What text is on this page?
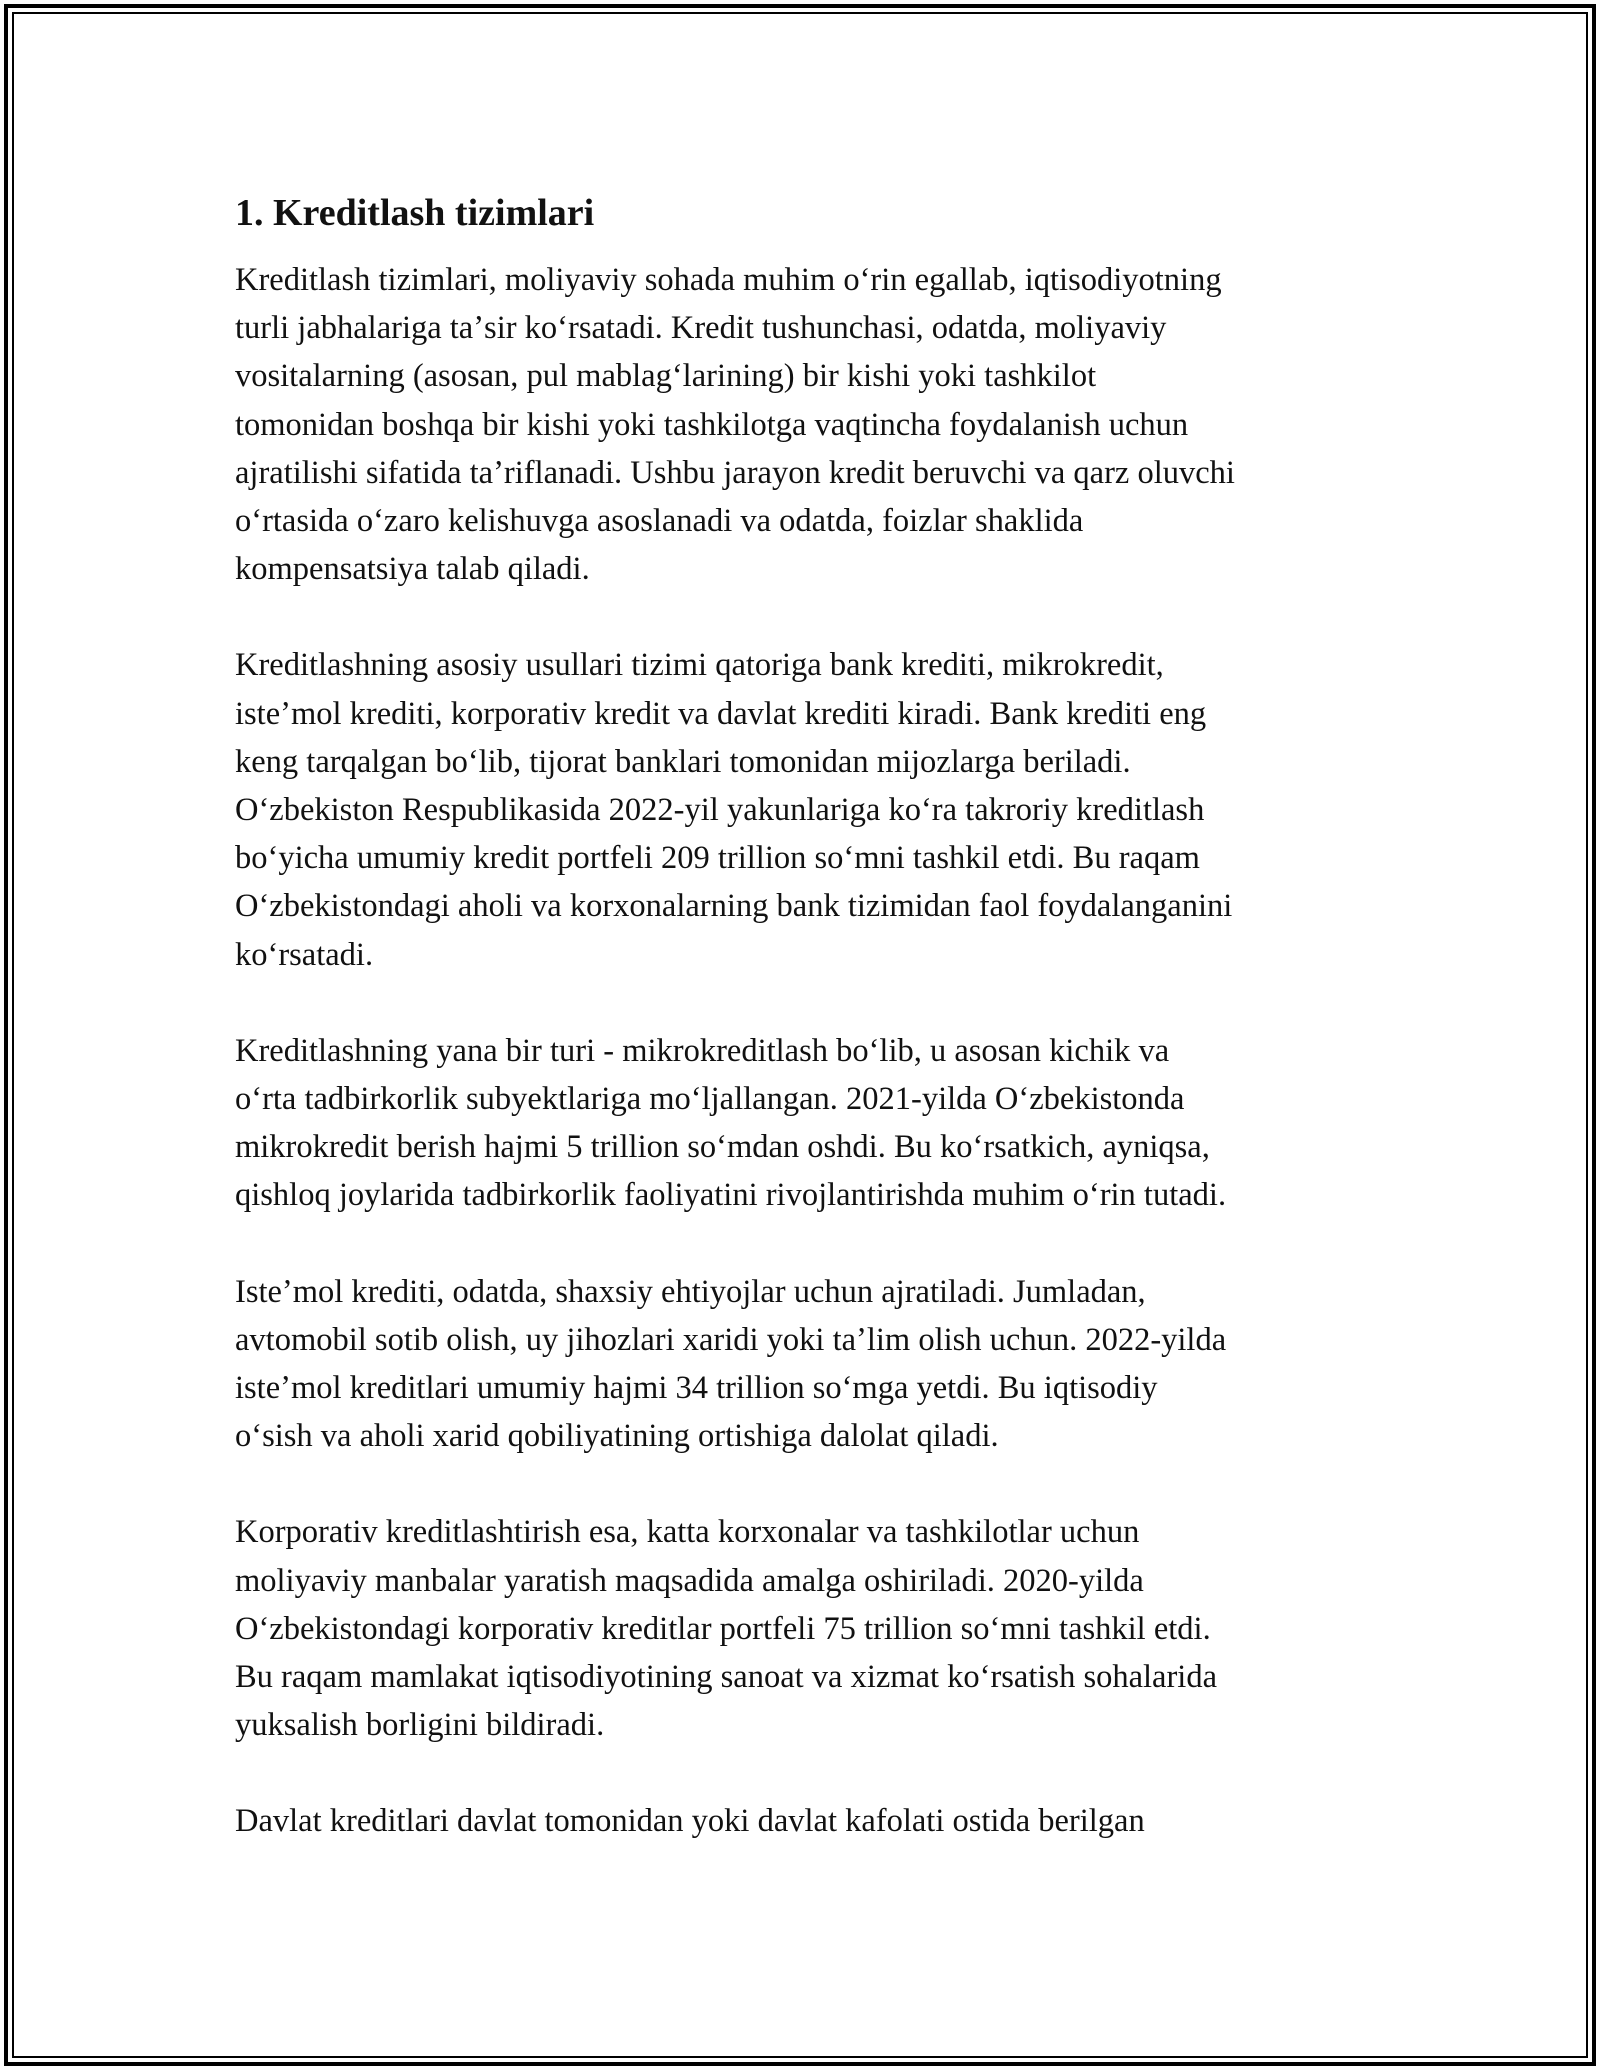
1. Kreditlash tizimlari

Kreditlash tizimlari, moliyaviy sohada muhim oʻrin egallab, iqtisodiyotning
turli jabhalariga taʼsir koʻrsatadi. Kredit tushunchasi, odatda, moliyaviy
vositalarning (asosan, pul mablagʻlarining) bir kishi yoki tashkilot
tomonidan boshqa bir kishi yoki tashkilotga vaqtincha foydalanish uchun
ajratilishi sifatida taʼriflanadi. Ushbu jarayon kredit beruvchi va qarz oluvchi
oʻrtasida oʻzaro kelishuvga asoslanadi va odatda, foizlar shaklida
kompensatsiya talab qiladi.

Kreditlashning asosiy usullari tizimi qatoriga bank krediti, mikrokredit,
isteʼmol krediti, korporativ kredit va davlat krediti kiradi. Bank krediti eng
keng tarqalgan boʻlib, tijorat banklari tomonidan mijozlarga beriladi.
Oʻzbekiston Respublikasida 2022-yil yakunlariga koʻra takroriy kreditlash
boʻyicha umumiy kredit portfeli 209 trillion soʻmni tashkil etdi. Bu raqam
Oʻzbekistondagi aholi va korxonalarning bank tizimidan faol foydalanganini
koʻrsatadi.

Kreditlashning yana bir turi - mikrokreditlash boʻlib, u asosan kichik va
oʻrta tadbirkorlik subyektlariga moʻljallangan. 2021-yilda Oʻzbekistonda
mikrokredit berish hajmi 5 trillion soʻmdan oshdi. Bu koʻrsatkich, ayniqsa,
qishloq joylarida tadbirkorlik faoliyatini rivojlantirishda muhim oʻrin tutadi.

Isteʼmol krediti, odatda, shaxsiy ehtiyojlar uchun ajratiladi. Jumladan,
avtomobil sotib olish, uy jihozlari xaridi yoki taʼlim olish uchun. 2022-yilda
isteʼmol kreditlari umumiy hajmi 34 trillion soʻmga yetdi. Bu iqtisodiy
oʻsish va aholi xarid qobiliyatining ortishiga dalolat qiladi.

Korporativ kreditlashtirish esa, katta korxonalar va tashkilotlar uchun
moliyaviy manbalar yaratish maqsadida amalga oshiriladi. 2020-yilda
Oʻzbekistondagi korporativ kreditlar portfeli 75 trillion soʻmni tashkil etdi.
Bu raqam mamlakat iqtisodiyotining sanoat va xizmat koʻrsatish sohalarida
yuksalish borligini bildiradi.

Davlat kreditlari davlat tomonidan yoki davlat kafolati ostida berilgan
